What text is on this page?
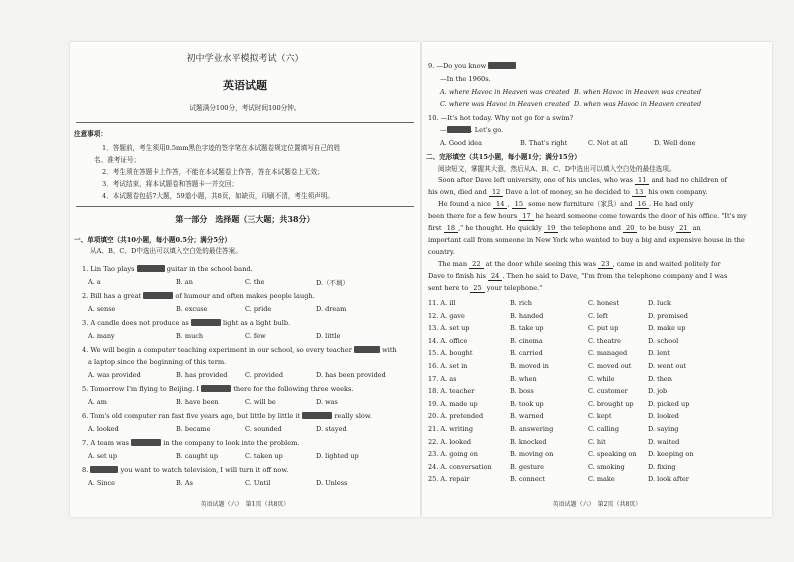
初中学业水平模拟考试（六）
英语试题
试题满分100分，考试时间100分钟。
注意事项：
1．答题前，考生须用0.5mm黑色字迹的签字笔在本试题卷规定位置填写自己的姓
名、准考证号；
2．考生须在答题卡上作答，不能在本试题卷上作答，答在本试题卷上无效；
3．考试结束，将本试题卷和答题卡一并交回；
4．本试题卷包括7大题，59道小题，共8页，如缺页，印刷不清，考生须声明。
第一部分　选择题（三大题；共38分）
一、单项填空（共10小题，每小题0.5分；满分5分）
从A、B、C、D中选出可以填入空白处的最佳答案。
1. Lin Tao plays	guitar in the school band.
A. a	B. an	C. the	D.（不填）
2. Bill has a great	of humour and often makes people laugh.
A. sense	B. excuse	C. pride	D. dream
3. A candle does not produce as	light as a light bulb.
A. many	B. much	C. few	D. little
4. We will begin a computer teaching experiment in our school, so every teacher	with
a laptop since the beginning of this term.
A. was provided	B. has provided	C. provided	D. has been provided
5. Tomorrow I'm flying to Beijing. I	there for the following three weeks.
A. am	B. have been	C. will be	D. was
6. Tom's old computer ran fast five years ago, but little by little it	really slow.
A. looked	B. became	C. sounded	D. stayed
7. A team was	in the company to look into the problem.
A. set up	B. caught up	C. taken up	D. lighted up
8.	you want to watch television, I will turn it off now.
A. Since	B. As	C. Until	D. Unless
英语试题（六）　第1页（共8页）
9. —Do you know
—In the 1960s.
A. where Havoc in Heaven was created B. when Havoc in Heaven was created
C. where was Havoc in Heaven created D. when was Havoc in Heaven created
10. —It's hot today. Why not go for a swim?
—	. Let's go.
A. Good idea	B. That's right	C. Not at all	D. Well done
二、完形填空（共15小题，每小题1分；满分15分）
阅读短文，掌握其大意，然后从A、B、C、D中选出可以填入空白处的最佳选项。
Soon after Dave left university, one of his uncles, who was 11 and had no children of
his own, died and 12 Dave a lot of money, so he decided to 13 his own company.
He found a nice 14 , 15 some new furniture（家具）and 16 . He had only
been there for a few hours 17 he heard someone come towards the door of his office. "It's my
first 18 ," he thought. He quickly 19 the telephone and 20 to be busy 21 an
important call from someone in New York who wanted to buy a big and expensive house in the
country.
The man 22 at the door while seeing this was 23 , came in and waited politely for
Dave to finish his 24 . Then he said to Dave, "I'm from the telephone company and I was
sent here to 25 your telephone."
11. A. ill	B. rich	C. honest	D. luck
12. A. gave	B. handed	C. left	D. promised
13. A. set up	B. take up	C. put up	D. make up
14. A. office	B. cinema	C. theatre	D. school
15. A. bought	B. carried	C. managed	D. lent
16. A. set in	B. moved in	C. moved out	D. went out
17. A. as	B. when	C. while	D. then
18. A. teacher	B. boss	C. customer	D. job
19. A. made up	B. took up	C. brought up D. picked up
20. A. pretended	B. warned	C. kept	D. looked
21. A. writing	B. answering	C. calling	D. saying
22. A. looked	B. knocked	C. hit	D. waited
23. A. going on	B. moving on	C. speaking on D. keeping on
24. A. conversation	B. gesture	C. smoking	D. fixing
25. A. repair	B. connect	C. make	D. look after
英语试题（六）　第2页（共8页）
